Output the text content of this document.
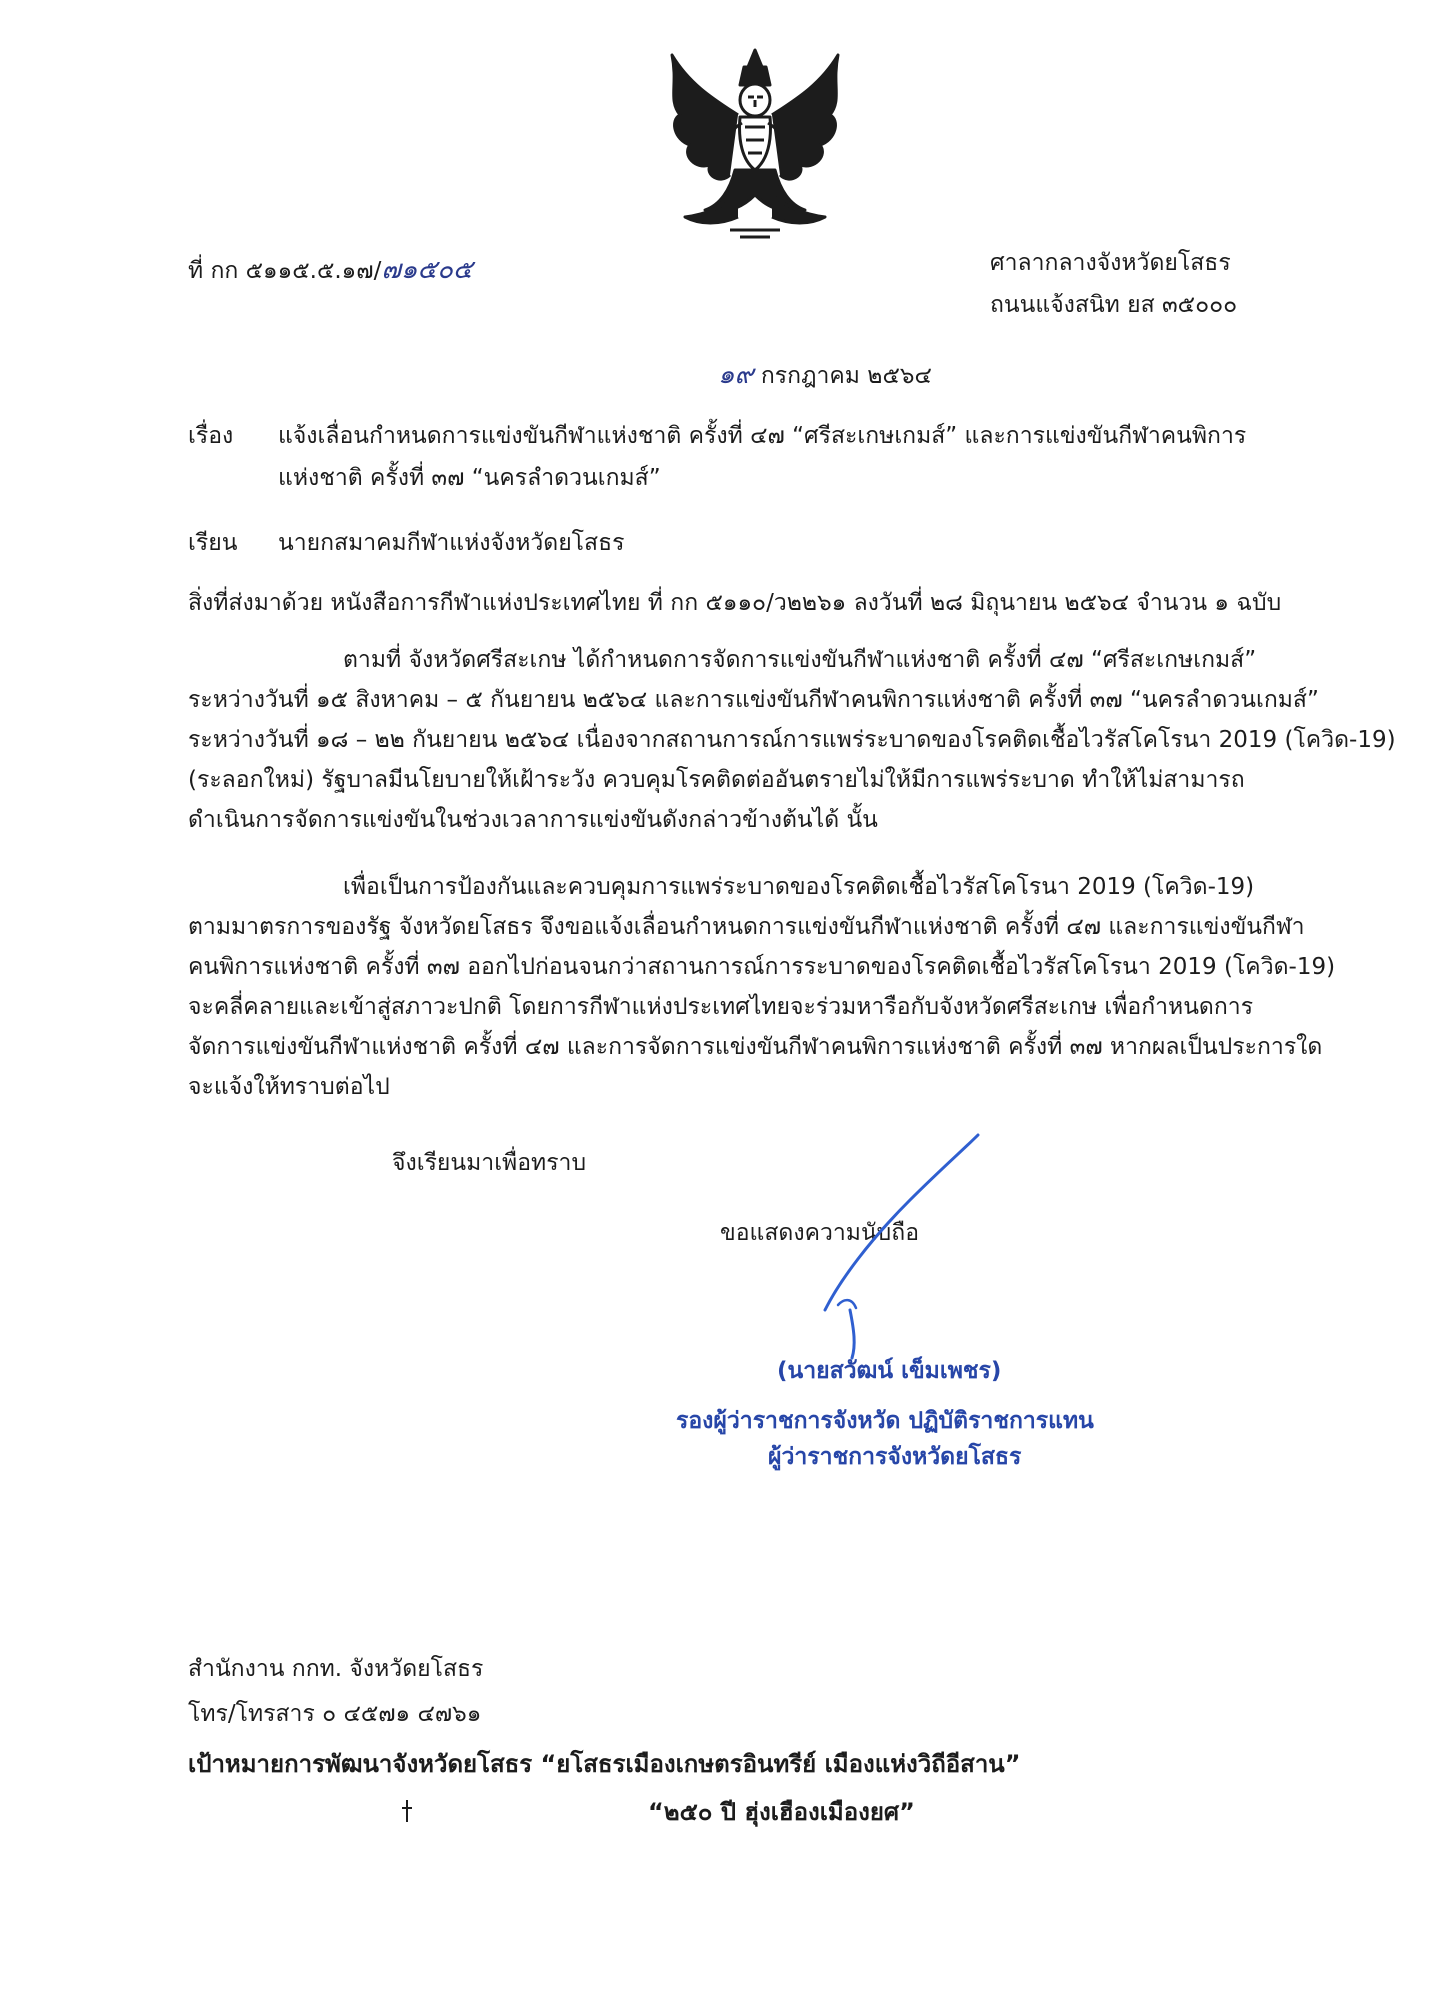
ที่ กก ๕๑๑๕.๕.๑๗/๗๑๕๐๕	ศาลากลางจังหวัดยโสธร
ถนนแจ้งสนิท ยส ๓๕๐๐๐
๑๙ กรกฎาคม ๒๕๖๔
เรื่อง แจ้งเลื่อนกำหนดการแข่งขันกีฬาแห่งชาติ ครั้งที่ ๔๗ “ศรีสะเกษเกมส์” และการแข่งขันกีฬาคนพิการ
แห่งชาติ ครั้งที่ ๓๗ “นครลำดวนเกมส์”
เรียน นายกสมาคมกีฬาแห่งจังหวัดยโสธร
สิ่งที่ส่งมาด้วย หนังสือการกีฬาแห่งประเทศไทย ที่ กก ๕๑๑๐/ว๒๒๖๑ ลงวันที่ ๒๘ มิถุนายน ๒๕๖๔ จำนวน ๑ ฉบับ
ตามที่ จังหวัดศรีสะเกษ ได้กำหนดการจัดการแข่งขันกีฬาแห่งชาติ ครั้งที่ ๔๗ “ศรีสะเกษเกมส์”
ระหว่างวันที่ ๑๕ สิงหาคม – ๕ กันยายน ๒๕๖๔ และการแข่งขันกีฬาคนพิการแห่งชาติ ครั้งที่ ๓๗ “นครลำดวนเกมส์”
ระหว่างวันที่ ๑๘ – ๒๒ กันยายน ๒๕๖๔ เนื่องจากสถานการณ์การแพร่ระบาดของโรคติดเชื้อไวรัสโคโรนา 2019 (โควิด-19)
(ระลอกใหม่) รัฐบาลมีนโยบายให้เฝ้าระวัง ควบคุมโรคติดต่ออันตรายไม่ให้มีการแพร่ระบาด ทำให้ไม่สามารถ
ดำเนินการจัดการแข่งขันในช่วงเวลาการแข่งขันดังกล่าวข้างต้นได้ นั้น
เพื่อเป็นการป้องกันและควบคุมการแพร่ระบาดของโรคติดเชื้อไวรัสโคโรนา 2019 (โควิด-19)
ตามมาตรการของรัฐ จังหวัดยโสธร จึงขอแจ้งเลื่อนกำหนดการแข่งขันกีฬาแห่งชาติ ครั้งที่ ๔๗ และการแข่งขันกีฬา
คนพิการแห่งชาติ ครั้งที่ ๓๗ ออกไปก่อนจนกว่าสถานการณ์การระบาดของโรคติดเชื้อไวรัสโคโรนา 2019 (โควิด-19)
จะคลี่คลายและเข้าสู่สภาวะปกติ โดยการกีฬาแห่งประเทศไทยจะร่วมหารือกับจังหวัดศรีสะเกษ เพื่อกำหนดการ
จัดการแข่งขันกีฬาแห่งชาติ ครั้งที่ ๔๗ และการจัดการแข่งขันกีฬาคนพิการแห่งชาติ ครั้งที่ ๓๗ หากผลเป็นประการใด
จะแจ้งให้ทราบต่อไป
จึงเรียนมาเพื่อทราบ
ขอแสดงความนับถือ
(นายสวัฒน์ เข็มเพชร)
รองผู้ว่าราชการจังหวัด ปฏิบัติราชการแทน
ผู้ว่าราชการจังหวัดยโสธร
สำนักงาน กกท. จังหวัดยโสธร
โทร/โทรสาร ๐ ๔๕๗๑ ๔๗๖๑
เป้าหมายการพัฒนาจังหวัดยโสธร “ยโสธรเมืองเกษตรอินทรีย์ เมืองแห่งวิถีอีสาน”
“๒๕๐ ปี ฮุ่งเฮืองเมืองยศ”
